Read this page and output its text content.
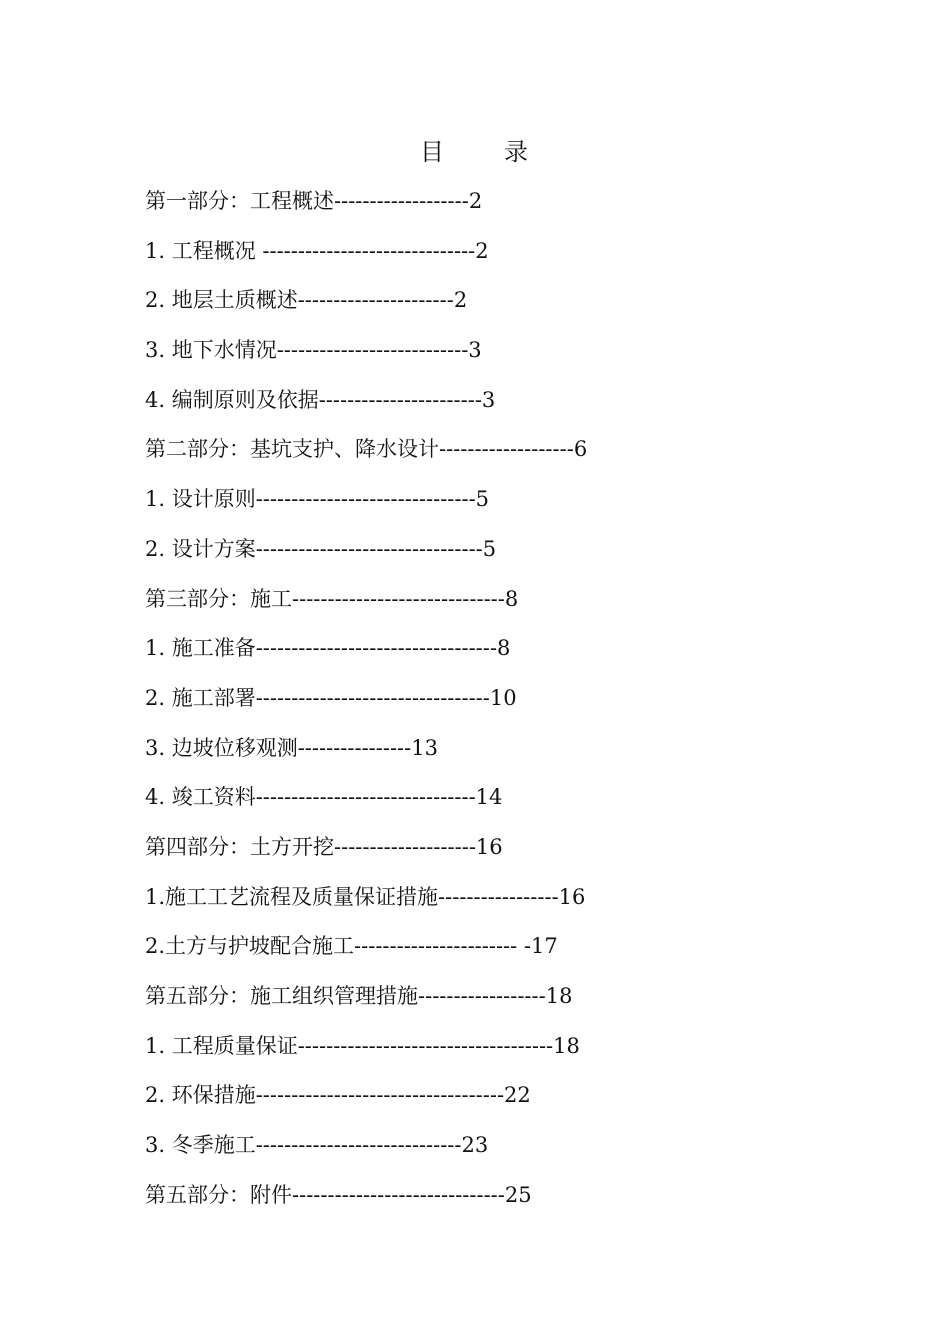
目 录
第一部分：工程概述-------------------2
1. 工程概况 ------------------------------2
2. 地层土质概述----------------------2
3. 地下水情况---------------------------3
4. 编制原则及依据-----------------------3
第二部分：基坑支护、降水设计-------------------6
1. 设计原则-------------------------------5
2. 设计方案--------------------------------5
第三部分：施工------------------------------8
1. 施工准备----------------------------------8
2. 施工部署---------------------------------10
3. 边坡位移观测----------------13
4. 竣工资料-------------------------------14
第四部分：土方开挖--------------------16
1.施工工艺流程及质量保证措施-----------------16
2.土方与护坡配合施工----------------------- -17
第五部分：施工组织管理措施------------------18
1. 工程质量保证------------------------------------18
2. 环保措施-----------------------------------22
3. 冬季施工-----------------------------23
第五部分：附件------------------------------25
